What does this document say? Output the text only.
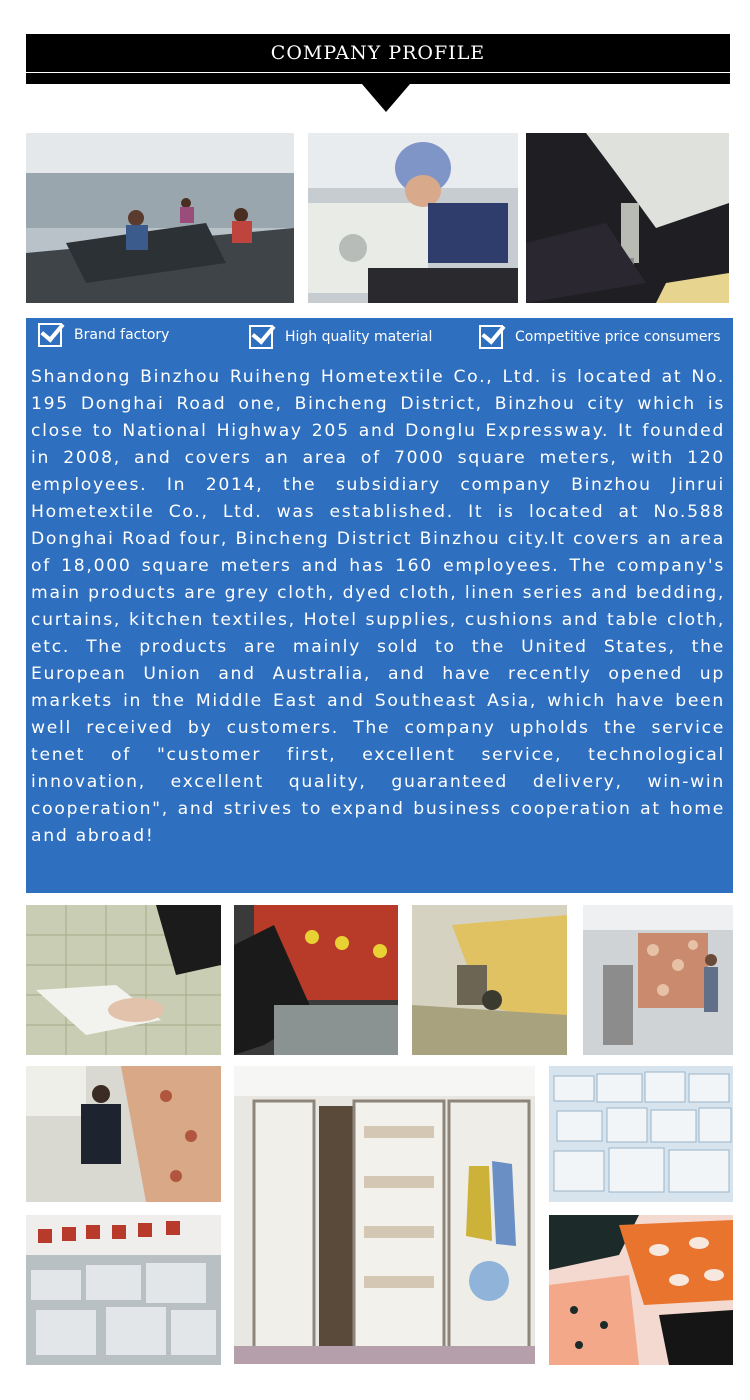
COMPANY PROFILE
Brand factory	High quality material	Competitive price consumers

Shandong Binzhou Ruiheng Hometextile Co., Ltd. is located at No. 195 Donghai Road one, Bincheng District, Binzhou city which is close to National Highway 205 and Donglu Expressway. It founded in 2008, and covers an area of 7000 square meters, with 120 employees. In 2014, the subsidiary company Binzhou Jinrui Hometextile Co., Ltd. was established. It is located at No.588 Donghai Road four, Bincheng District Binzhou city.It covers an area of 18,000 square meters and has 160 employees. The company's main products are grey cloth, dyed cloth, linen series and bedding, curtains, kitchen textiles, Hotel supplies, cushions and table cloth, etc. The products are mainly sold to the United States, the European Union and Australia, and have recently opened up markets in the Middle East and Southeast Asia, which have been well received by customers. The company upholds the service tenet of "customer first, excellent service, technological innovation, excellent quality, guaranteed delivery, win-win cooperation", and strives to expand business cooperation at home and abroad!
